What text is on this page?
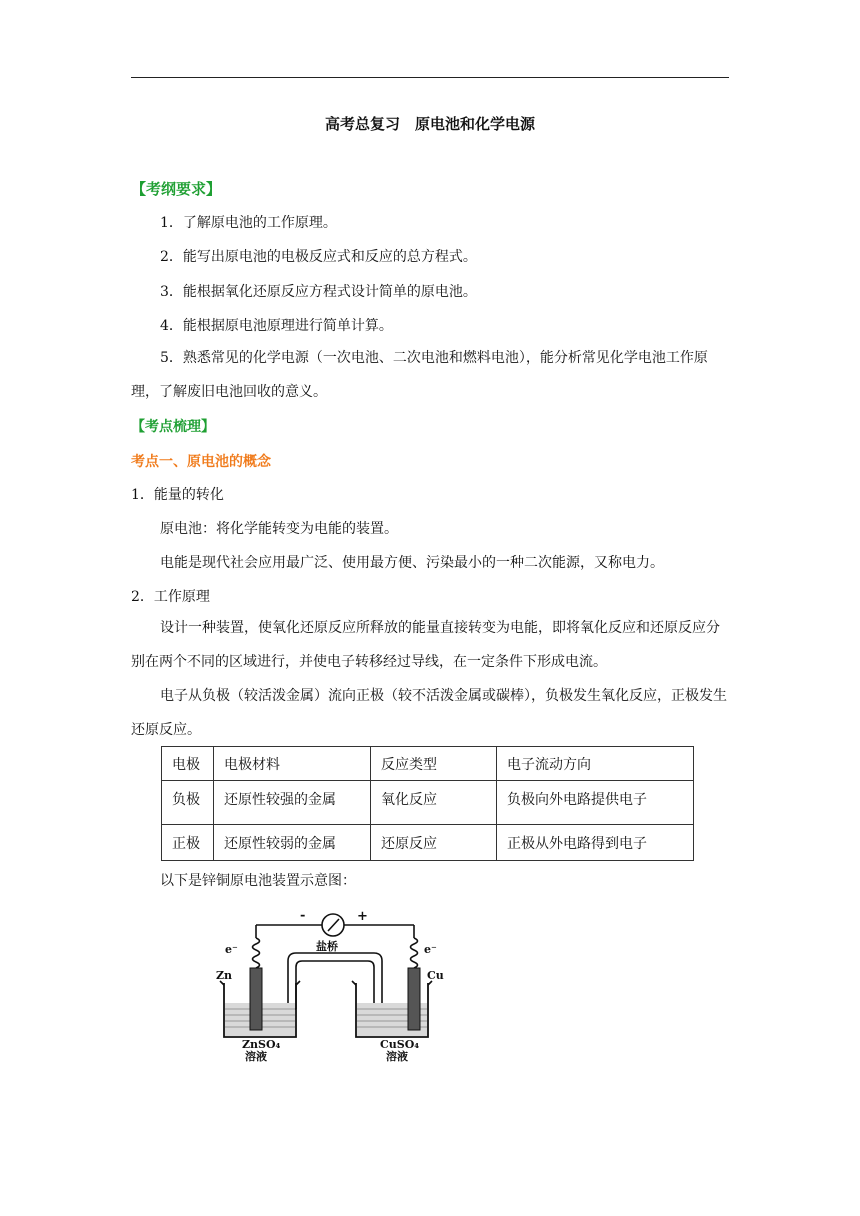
高考总复习　原电池和化学电源
【考纲要求】
1．了解原电池的工作原理。
2．能写出原电池的电极反应式和反应的总方程式。
3．能根据氧化还原反应方程式设计简单的原电池。
4．能根据原电池原理进行简单计算。
5．熟悉常见的化学电源（一次电池、二次电池和燃料电池），能分析常见化学电池工作原理，了解废旧电池回收的意义。
【考点梳理】
考点一、原电池的概念
1．能量的转化
原电池：将化学能转变为电能的装置。
电能是现代社会应用最广泛、使用最方便、污染最小的一种二次能源，又称电力。
2．工作原理
设计一种装置，使氧化还原反应所释放的能量直接转变为电能，即将氧化反应和还原反应分别在两个不同的区域进行，并使电子转移经过导线，在一定条件下形成电流。
电子从负极（较活泼金属）流向正极（较不活泼金属或碳棒），负极发生氧化反应，正极发生还原反应。
电极	电极材料	反应类型	电子流动方向
负极	还原性较强的金属	氧化反应	负极向外电路提供电子
正极	还原性较弱的金属	还原反应	正极从外电路得到电子
以下是锌铜原电池装置示意图：
-	+
盐桥
e⁻	e⁻
Zn	Cu
ZnSO₄	CuSO₄
溶液	溶液
